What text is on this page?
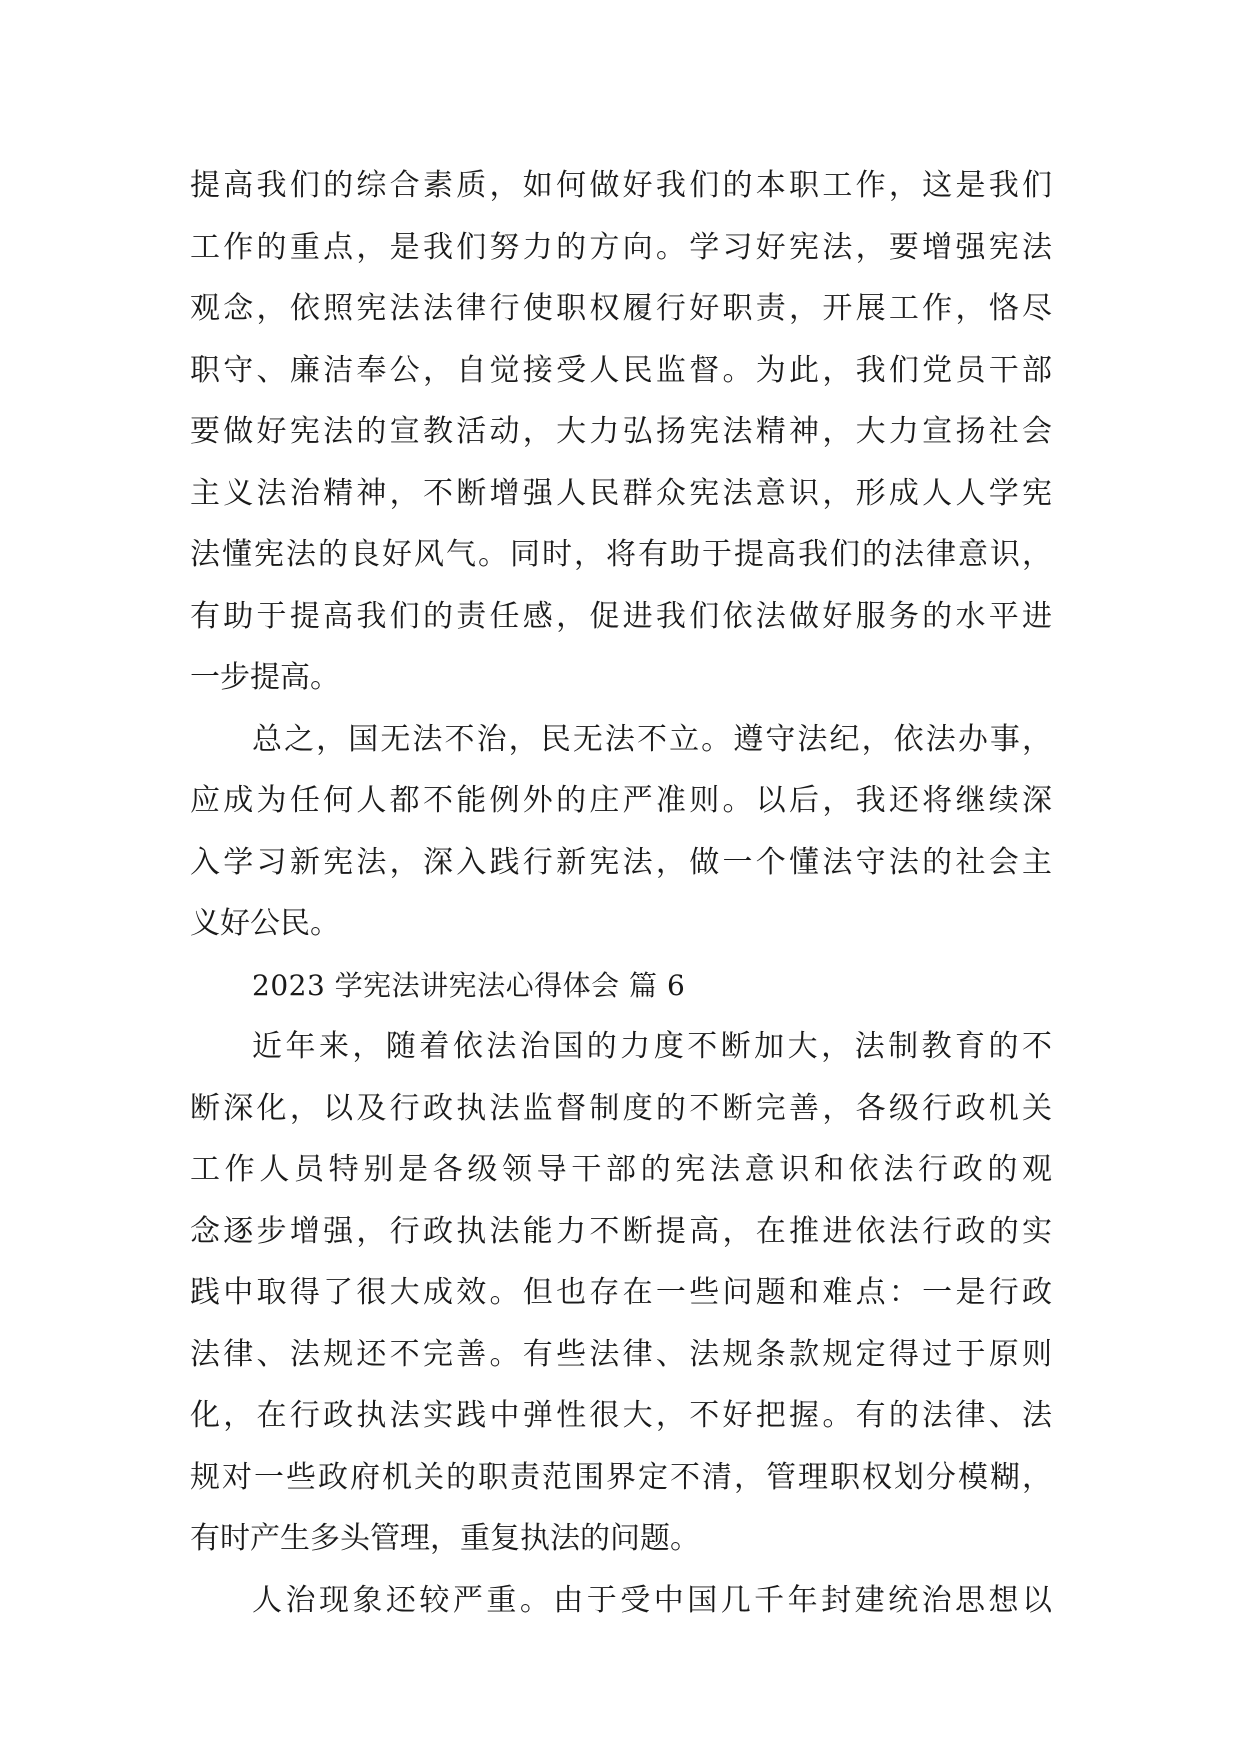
提高我们的综合素质，如何做好我们的本职工作，这是我们
工作的重点，是我们努力的方向。学习好宪法，要增强宪法
观念，依照宪法法律行使职权履行好职责，开展工作，恪尽
职守、廉洁奉公，自觉接受人民监督。为此，我们党员干部
要做好宪法的宣教活动，大力弘扬宪法精神，大力宣扬社会
主义法治精神，不断增强人民群众宪法意识，形成人人学宪
法懂宪法的良好风气。同时，将有助于提高我们的法律意识，
有助于提高我们的责任感，促进我们依法做好服务的水平进
一步提高。
总之，国无法不治，民无法不立。遵守法纪，依法办事，
应成为任何人都不能例外的庄严准则。以后，我还将继续深
入学习新宪法，深入践行新宪法，做一个懂法守法的社会主
义好公民。
2023 学宪法讲宪法心得体会 篇 6
近年来，随着依法治国的力度不断加大，法制教育的不
断深化，以及行政执法监督制度的不断完善，各级行政机关
工作人员特别是各级领导干部的宪法意识和依法行政的观
念逐步增强，行政执法能力不断提高，在推进依法行政的实
践中取得了很大成效。但也存在一些问题和难点：一是行政
法律、法规还不完善。有些法律、法规条款规定得过于原则
化，在行政执法实践中弹性很大，不好把握。有的法律、法
规对一些政府机关的职责范围界定不清，管理职权划分模糊，
有时产生多头管理，重复执法的问题。
人治现象还较严重。由于受中国几千年封建统治思想以
